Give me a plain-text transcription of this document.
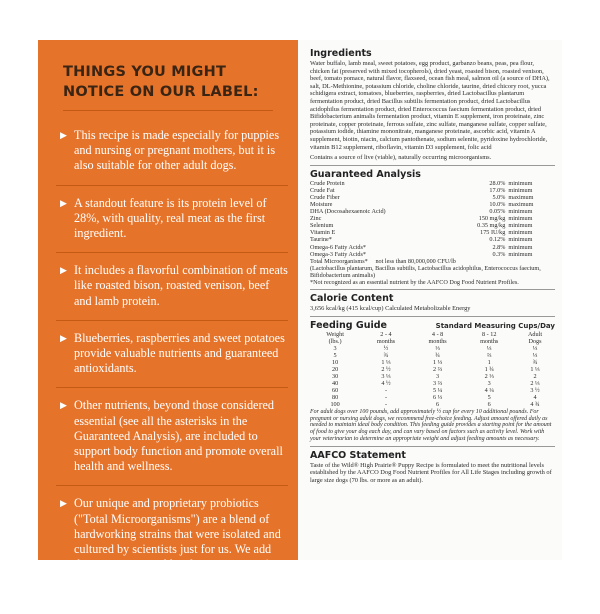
THINGS YOU MIGHT NOTICE ON OUR LABEL:
▶ This recipe is made especially for puppies and nursing or pregnant mothers, but it is also suitable for other adult dogs.
▶ A standout feature is its protein level of 28%, with quality, real meat as the first ingredient.
▶ It includes a flavorful combination of meats like roasted bison, roasted venison, beef and lamb protein.
▶ Blueberries, raspberries and sweet potatoes provide valuable nutrients and guaranteed antioxidants.
▶ Other nutrients, beyond those considered essential (see all the asterisks in the Guaranteed Analysis), are included to support body function and promote overall health and wellness.
▶ Our unique and proprietary probiotics ("Total Microorganisms") are a blend of hardworking strains that were isolated and cultured by scientists just for us. We add them at guaranteed levels so every serving can help support digestive, immune and overall health.
Ingredients
Water buffalo, lamb meal, sweet potatoes, egg product, garbanzo beans, peas, pea flour, chicken fat (preserved with mixed tocopherols), dried yeast, roasted bison, roasted venison, beef, tomato pomace, natural flavor, flaxseed, ocean fish meal, salmon oil (a source of DHA), salt, DL-Methionine, potassium chloride, choline chloride, taurine, dried chicory root, yucca schidigera extract, tomatoes, blueberries, raspberries, dried Lactobacillus plantarum fermentation product, dried Bacillus subtilis fermentation product, dried Lactobacillus acidophilus fermentation product, dried Enterococcus faecium fermentation product, dried Bifidobacterium animalis fermentation product, vitamin E supplement, iron proteinate, zinc proteinate, copper proteinate, ferrous sulfate, zinc sulfate, manganese sulfate, copper sulfate, potassium iodide, thiamine mononitrate, manganese proteinate, ascorbic acid, vitamin A supplement, biotin, niacin, calcium pantothenate, sodium selenite, pyridoxine hydrochloride, vitamin B12 supplement, riboflavin, vitamin D3 supplement, folic acid
Contains a source of live (viable), naturally occurring microorganisms.
Guaranteed Analysis
Crude Protein	28.0%	minimum
Crude Fat	17.0%	minimum
Crude Fiber	5.0%	maximum
Moisture	10.0%	maximum
DHA (Docosahexaenoic Acid)	0.05%	minimum
Zinc	150 mg/kg	minimum
Selenium	0.35 mg/kg	minimum
Vitamin E	175 IU/kg	minimum
Taurine*	0.12%	minimum
Omega-6 Fatty Acids*	2.8%	minimum
Omega-3 Fatty Acids*	0.3%	minimum
Total Microorganisms* not less than 80,000,000 CFU/lb
(Lactobacillus plantarum, Bacillus subtilis, Lactobacillus acidophilus, Enterococcus faecium, Bifidobacterium animalis)
*Not recognized as an essential nutrient by the AAFCO Dog Food Nutrient Profiles.
Calorie Content
3,656 kcal/kg (415 kcal/cup) Calculated Metabolizable Energy
Feeding Guide	Standard Measuring Cups/Day
Weight	2 - 4	4 - 8	8 - 12	Adult
(lbs.)	months	months	months	Dogs
3	½	⅓	⅓	⅓
5	¾	¾	⅔	⅓
10	1 ⅓	1 ⅓	1	¾
20	2 ½	2 ⅔	1 ¾	1 ⅓
30	3 ⅓	3	2 ⅓	2
40	4 ½	3 ⅔	3	2 ⅓
60	-	5 ¼	4 ¼	3 ½
80	-	6 ⅓	5	4
100	-	6	6	4 ¾
For adult dogs over 100 pounds, add approximately ½ cup for every 10 additional pounds. For pregnant or nursing adult dogs, we recommend free-choice feeding. Adjust amount offered daily as needed to maintain ideal body condition. This feeding guide provides a starting point for the amount of food to give your dog each day, and can vary based on factors such as activity level. Work with your veterinarian to determine an appropriate weight and adjust feeding amounts as necessary.
AAFCO Statement
Taste of the Wild® High Prairie® Puppy Recipe is formulated to meet the nutritional levels established by the AAFCO Dog Food Nutrient Profiles for All Life Stages including growth of large size dogs (70 lbs. or more as an adult).
